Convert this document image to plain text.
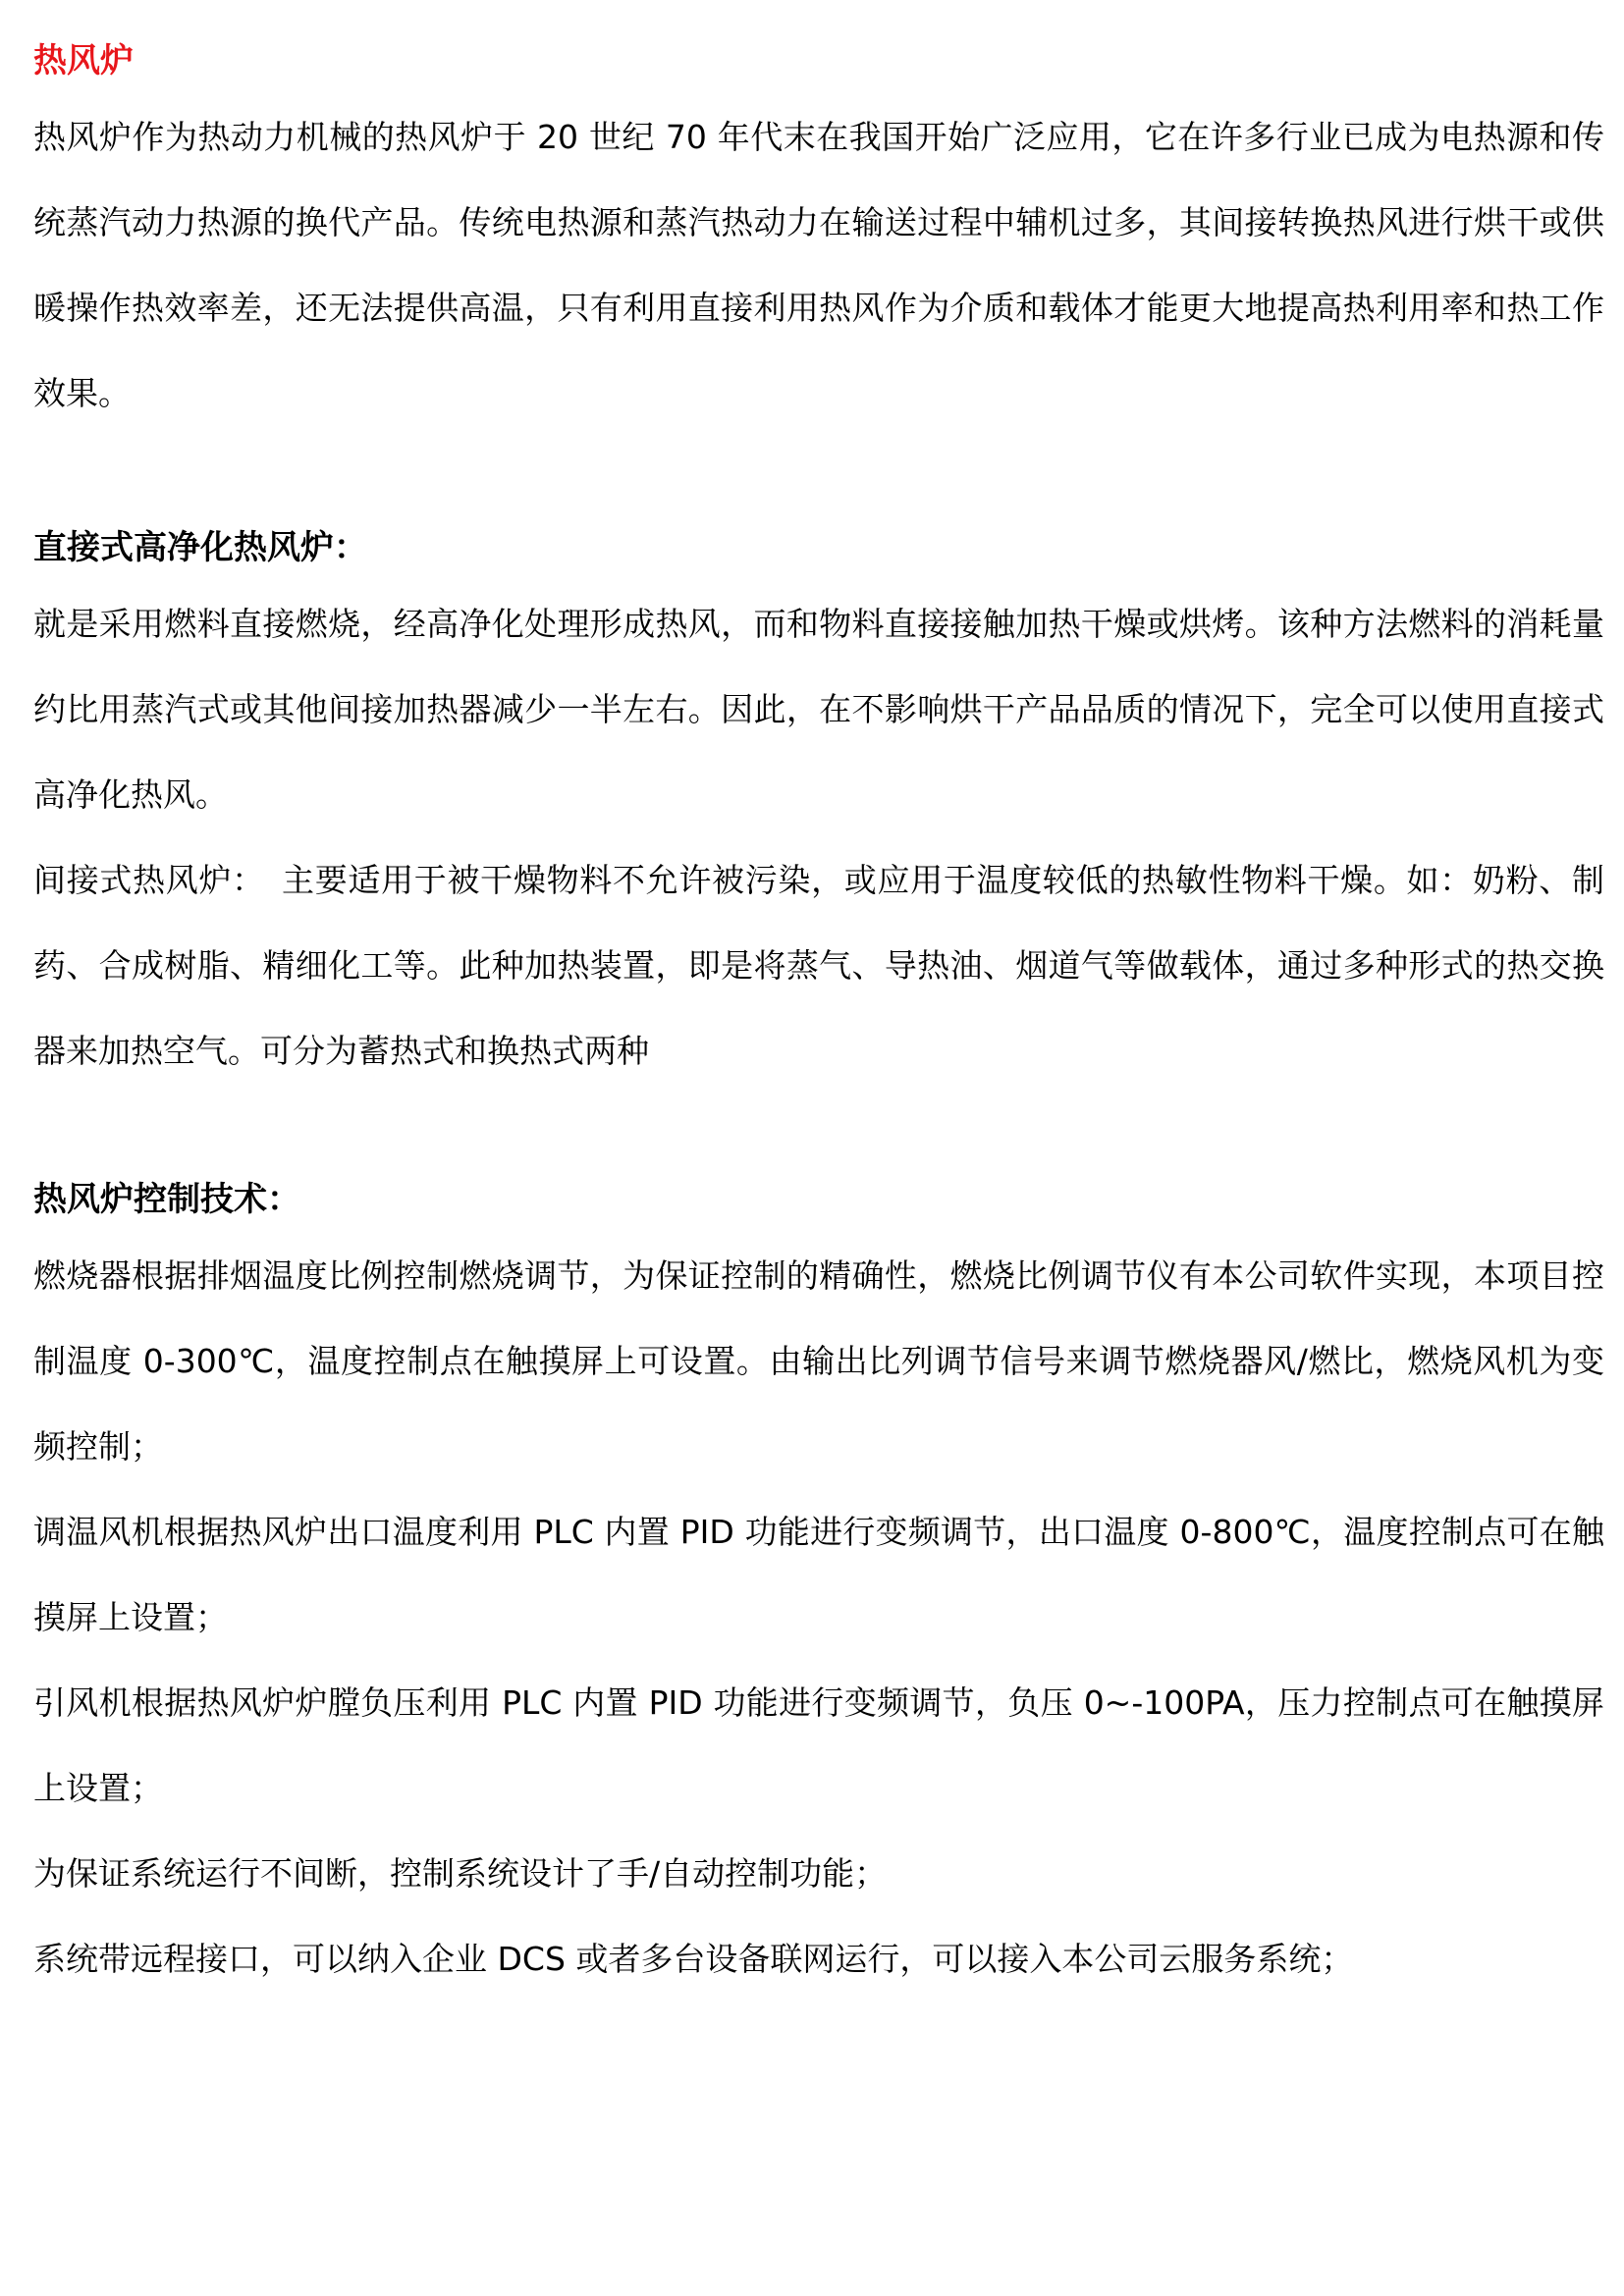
热风炉

热风炉作为热动力机械的热风炉于 20 世纪 70 年代末在我国开始广泛应用，它在许多行业已成为电热源和传统蒸汽动力热源的换代产品。传统电热源和蒸汽热动力在输送过程中辅机过多，其间接转换热风进行烘干或供暖操作热效率差，还无法提供高温，只有利用直接利用热风作为介质和载体才能更大地提高热利用率和热工作效果。

直接式高净化热风炉：

就是采用燃料直接燃烧，经高净化处理形成热风，而和物料直接接触加热干燥或烘烤。该种方法燃料的消耗量约比用蒸汽式或其他间接加热器减少一半左右。因此，在不影响烘干产品品质的情况下，完全可以使用直接式高净化热风。

间接式热风炉：　主要适用于被干燥物料不允许被污染，或应用于温度较低的热敏性物料干燥。如：奶粉、制药、合成树脂、精细化工等。此种加热装置，即是将蒸气、导热油、烟道气等做载体，通过多种形式的热交换器来加热空气。可分为蓄热式和换热式两种

热风炉控制技术：

燃烧器根据排烟温度比例控制燃烧调节，为保证控制的精确性，燃烧比例调节仪有本公司软件实现，本项目控制温度 0-300℃，温度控制点在触摸屏上可设置。由输出比列调节信号来调节燃烧器风/燃比，燃烧风机为变频控制；

调温风机根据热风炉出口温度利用 PLC 内置 PID 功能进行变频调节，出口温度 0-800℃，温度控制点可在触摸屏上设置；

引风机根据热风炉炉膛负压利用 PLC 内置 PID 功能进行变频调节，负压 0~-100PA，压力控制点可在触摸屏上设置；

为保证系统运行不间断，控制系统设计了手/自动控制功能；

系统带远程接口，可以纳入企业 DCS 或者多台设备联网运行，可以接入本公司云服务系统；
